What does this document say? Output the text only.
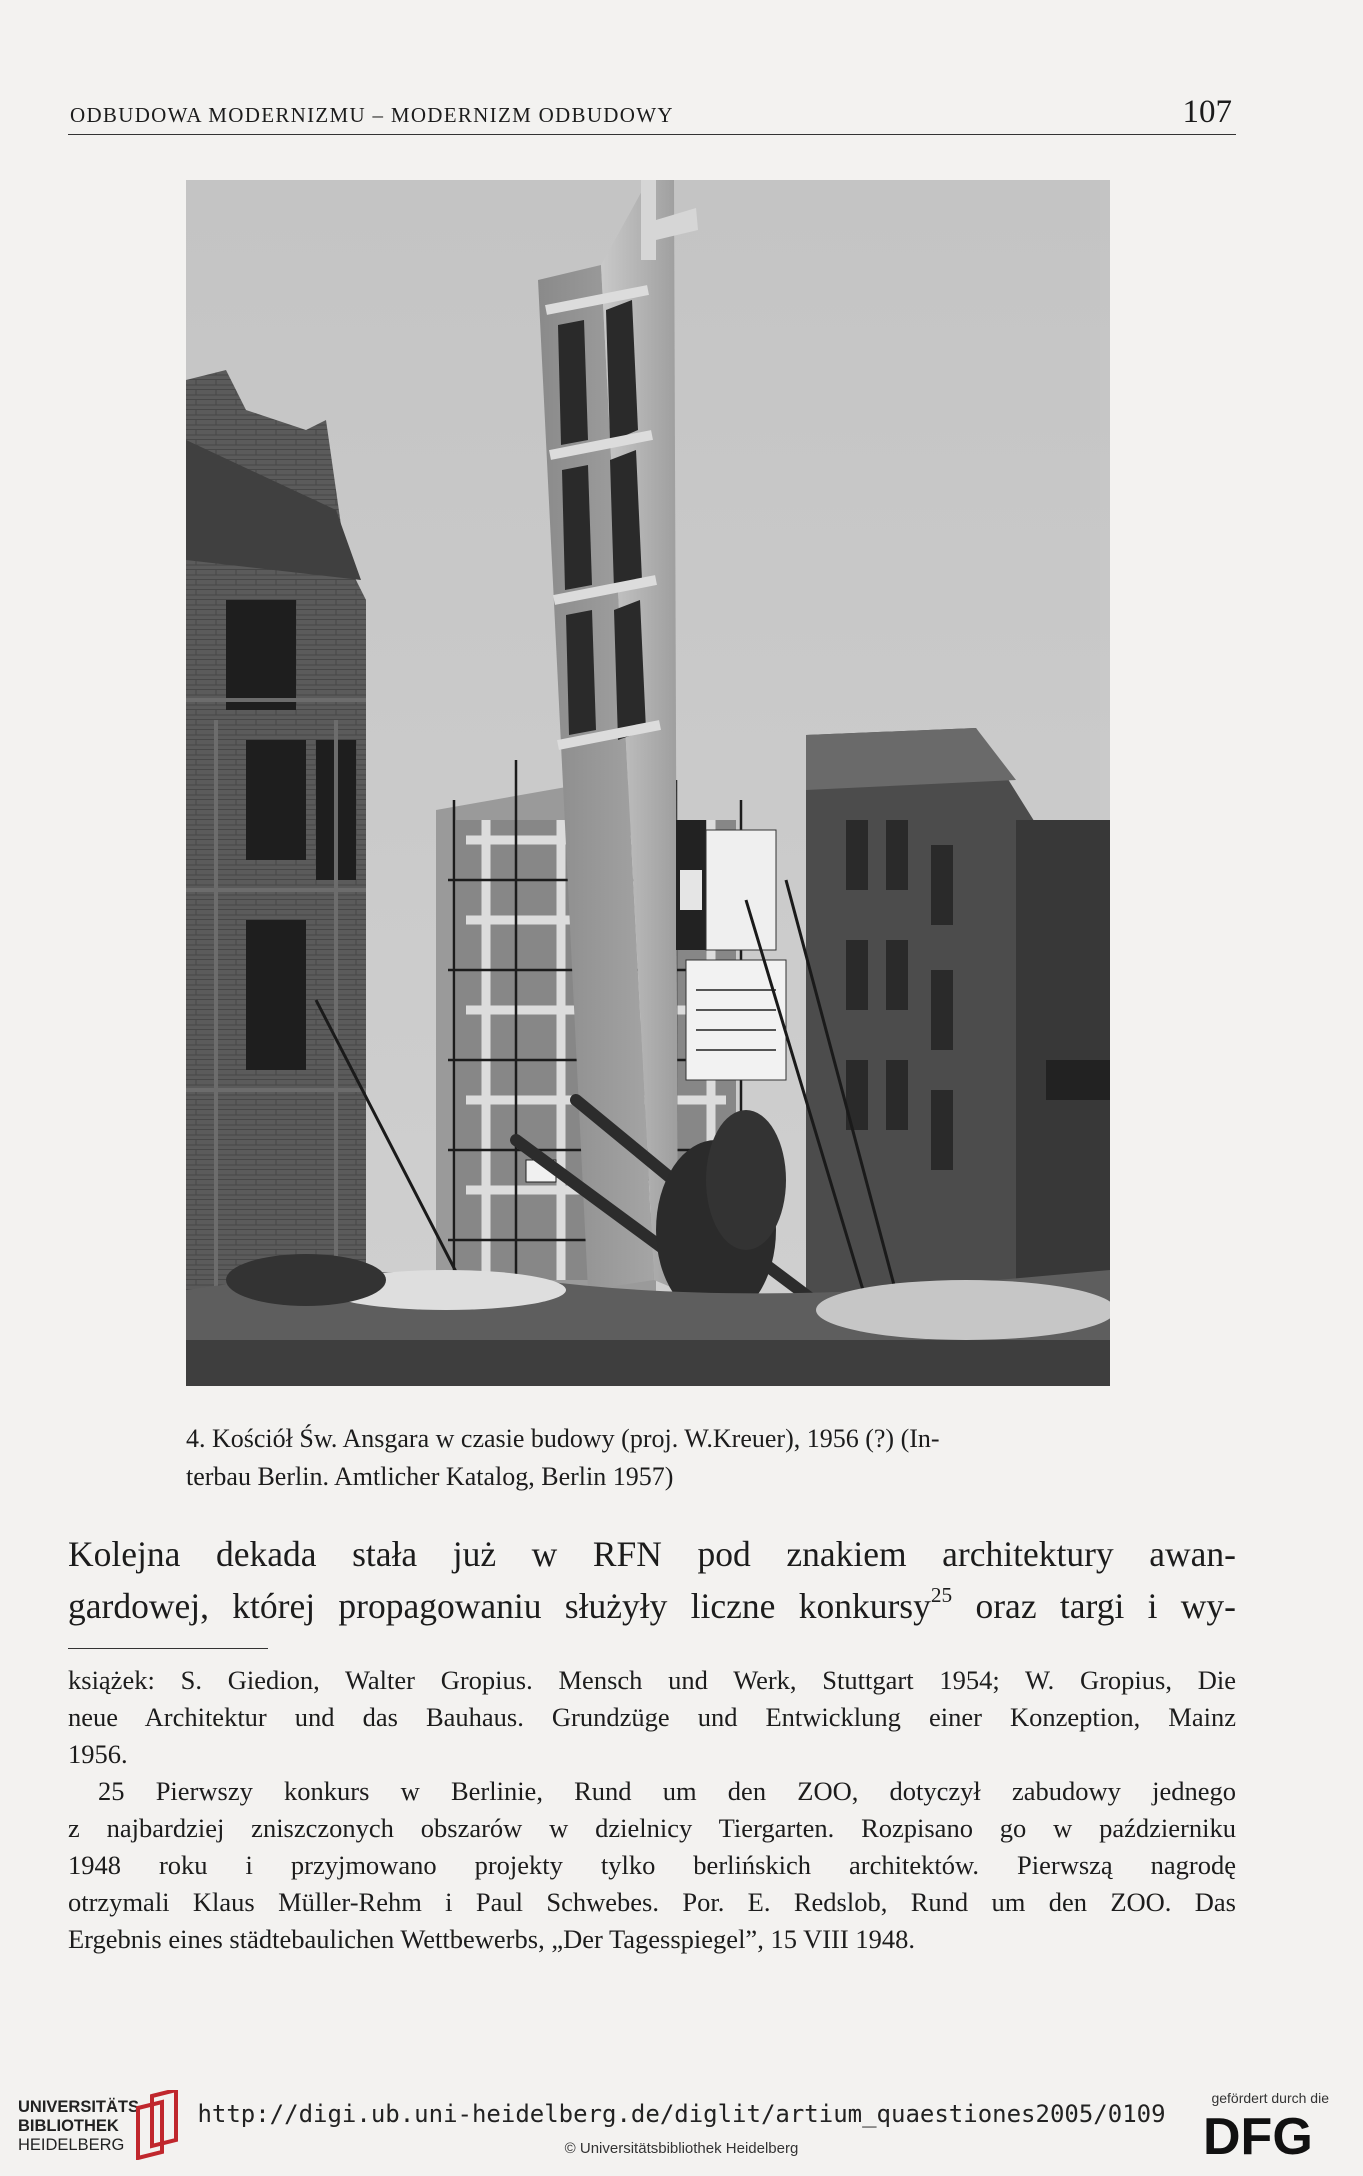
ODBUDOWA MODERNIZMU – MODERNIZM ODBUDOWY	107
4. Kościół Św. Ansgara w czasie budowy (proj. W.Kreuer), 1956 (?) (In-
terbau Berlin. Amtlicher Katalog, Berlin 1957)
Kolejna dekada stała już w RFN pod znakiem architektury awan-
gardowej, której propagowaniu służyły liczne konkursy$^{25}$ oraz targi i wy-
książek: S. Giedion, Walter Gropius. Mensch und Werk, Stuttgart 1954; W. Gropius, Die
neue Architektur und das Bauhaus. Grundzüge und Entwicklung einer Konzeption, Mainz
1956.
25 Pierwszy konkurs w Berlinie, Rund um den ZOO, dotyczył zabudowy jednego
z najbardziej zniszczonych obszarów w dzielnicy Tiergarten. Rozpisano go w październiku
1948 roku i przyjmowano projekty tylko berlińskich architektów. Pierwszą nagrodę
otrzymali Klaus Müller-Rehm i Paul Schwebes. Por. E. Redslob, Rund um den ZOO. Das
Ergebnis eines städtebaulichen Wettbewerbs, „Der Tagesspiegel”, 15 VIII 1948.
UNIVERSITÄTS-
BIBLIOTHEK
HEIDELBERG
http://digi.ub.uni-heidelberg.de/diglit/artium_quaestiones2005/0109
© Universitätsbibliothek Heidelberg
gefördert durch die
DFG
